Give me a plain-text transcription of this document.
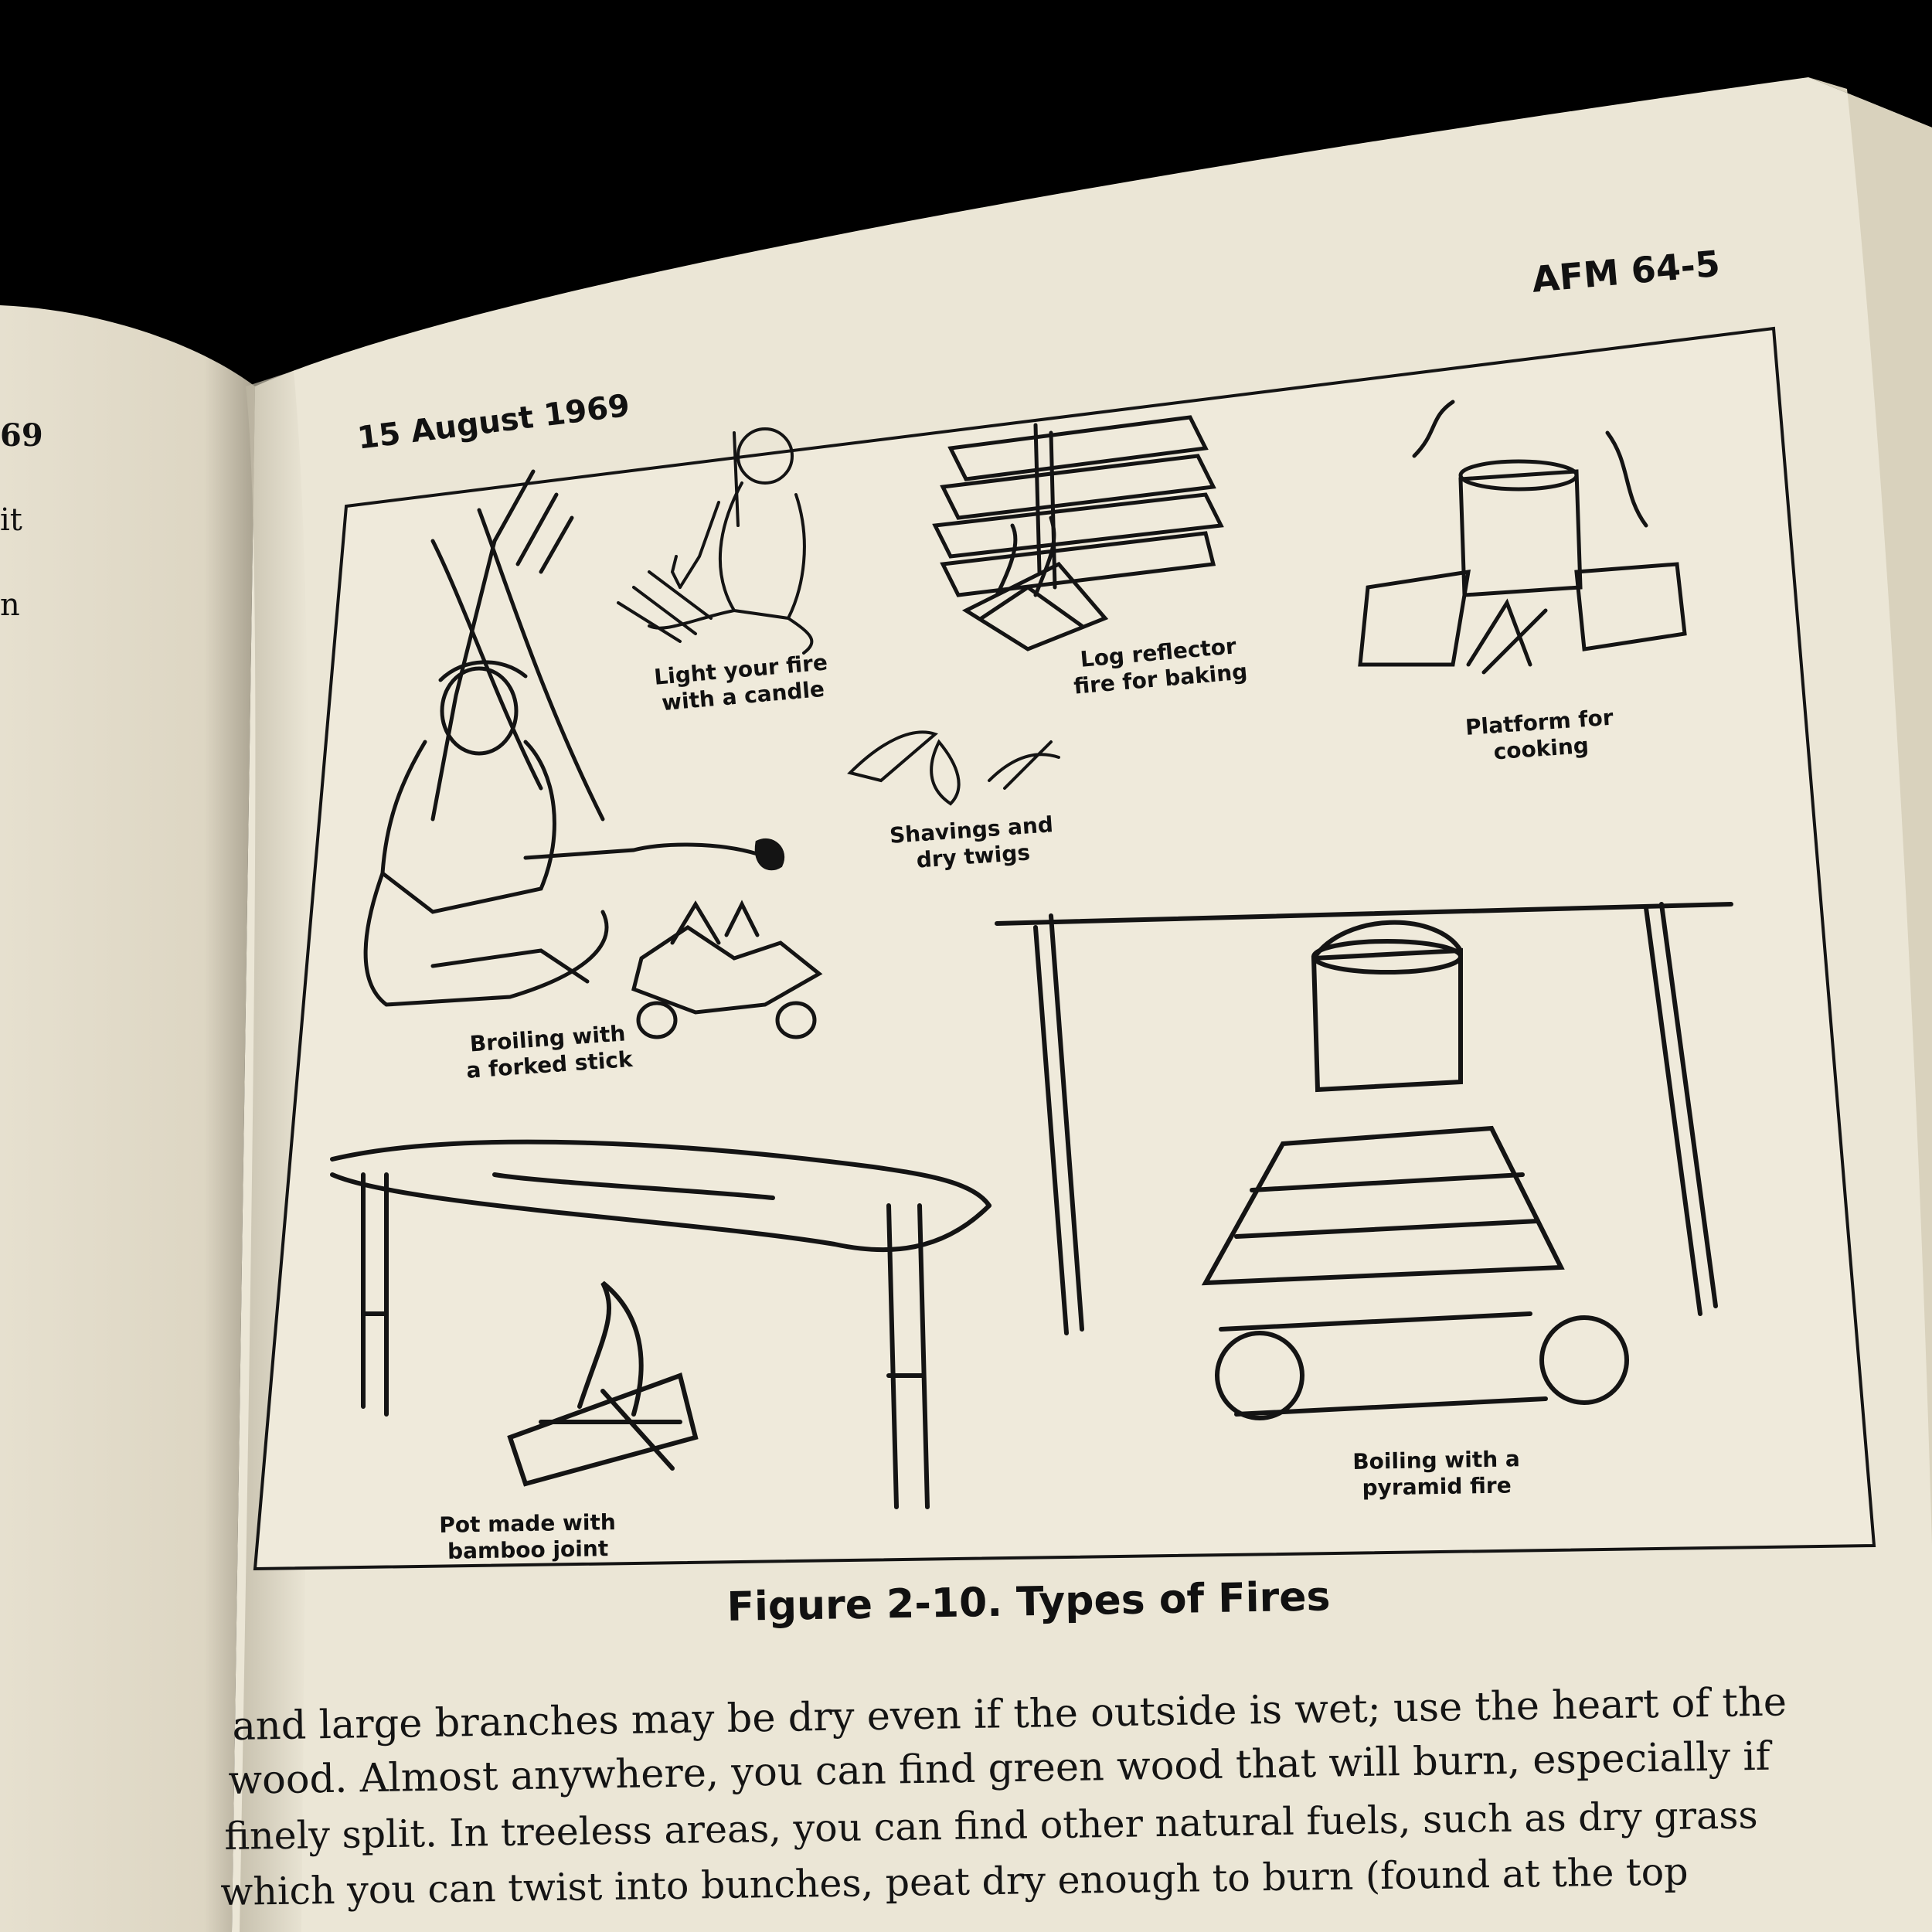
69
it
n
15 August 1969
AFM 64-5
Light your fire
with a candle
Log reflector
fire for baking
Platform for
cooking
Shavings and
dry twigs
Broiling with
a forked stick
Pot made with
bamboo joint
Boiling with a
pyramid fire
Figure 2-10. Types of Fires
and large branches may be dry even if the outside is wet; use the heart of the
wood. Almost anywhere, you can find green wood that will burn, especially if
finely split. In treeless areas, you can find other natural fuels, such as dry grass
which you can twist into bunches, peat dry enough to burn (found at the top
